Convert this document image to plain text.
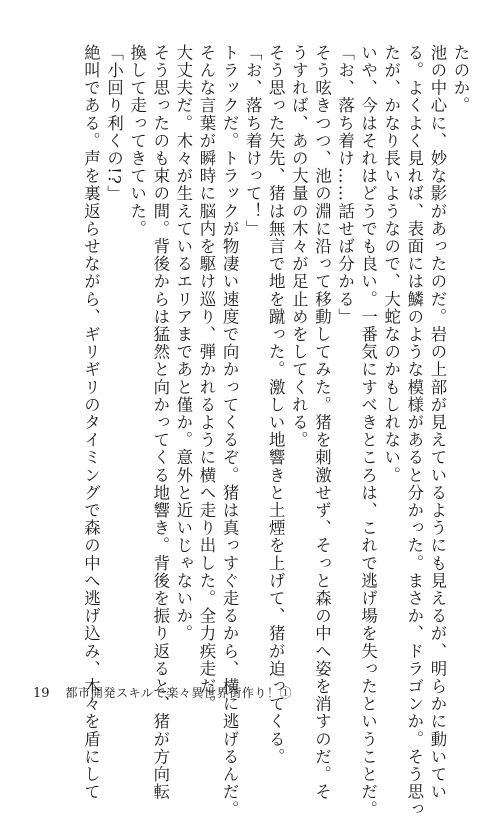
たのか。
池の中心に、妙な影があったのだ。岩の上部が見えているようにも見えるが、明らかに動いてい
る。よくよく見れば、表面には鱗のような模様があると分かった。まさか、ドラゴンか。そう思っ
たが、かなり長いようなので、大蛇なのかもしれない。
いや、今はそれはどうでも良い。一番気にすべきところは、これで逃げ場を失ったということだ。
「お、落ち着け……話せば分かる」
そう呟きつつ、池の淵に沿って移動してみた。猪を刺激せず、そっと森の中へ姿を消すのだ。そ
うすれば、あの大量の木々が足止めをしてくれる。
そう思った矢先、猪は無言で地を蹴った。激しい地響きと土煙を上げて、猪が迫ってくる。
「お、落ち着けって！」
トラックだ。トラックが物凄い速度で向かってくるぞ。猪は真っすぐ走るから、横に逃げるんだ。
そんな言葉が瞬時に脳内を駆け巡り、弾かれるように横へ走り出した。全力疾走だ。
大丈夫だ。木々が生えているエリアまであと僅か。意外と近いじゃないか。
そう思ったのも束の間。背後からは猛然と向かってくる地響き。背後を振り返ると、猪が方向転
換して走ってきていた。
「小回り利くの!?」
絶叫である。声を裏返らせながら、ギリギリのタイミングで森の中へ逃げ込み、木々を盾にして
19 都市開発スキルで楽々異世界街作り！①
